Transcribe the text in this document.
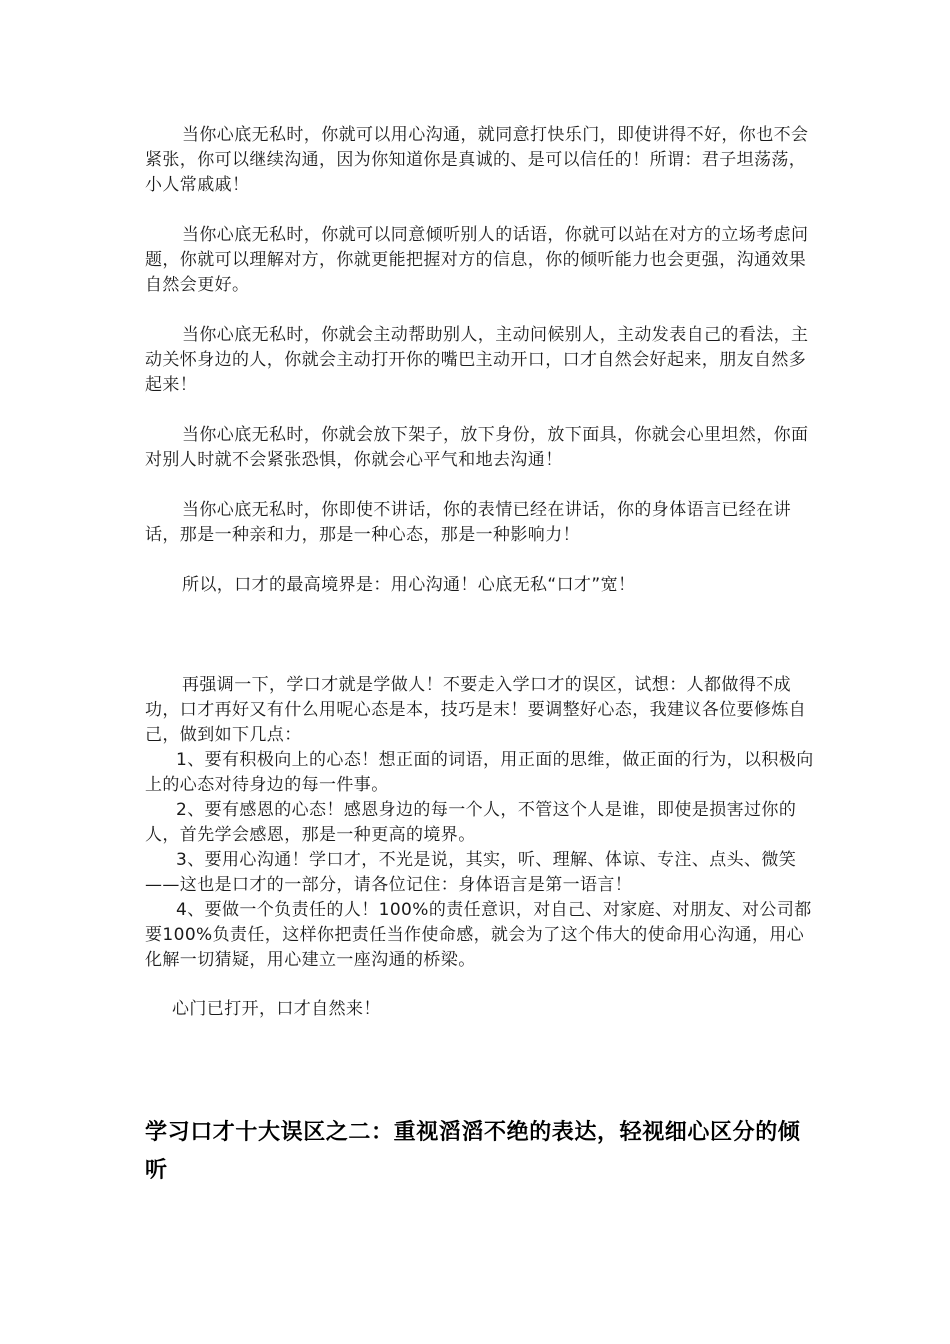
当你心底无私时，你就可以用心沟通，就同意打快乐门，即使讲得不好，你也不会紧张，你可以继续沟通，因为你知道你是真诚的、是可以信任的！所谓：君子坦荡荡，小人常戚戚！

当你心底无私时，你就可以同意倾听别人的话语，你就可以站在对方的立场考虑问题，你就可以理解对方，你就更能把握对方的信息，你的倾听能力也会更强，沟通效果自然会更好。

当你心底无私时，你就会主动帮助别人，主动问候别人，主动发表自己的看法，主动关怀身边的人，你就会主动打开你的嘴巴主动开口，口才自然会好起来，朋友自然多起来！

当你心底无私时，你就会放下架子，放下身份，放下面具，你就会心里坦然，你面对别人时就不会紧张恐惧，你就会心平气和地去沟通！

当你心底无私时，你即使不讲话，你的表情已经在讲话，你的身体语言已经在讲话，那是一种亲和力，那是一种心态，那是一种影响力！

所以，口才的最高境界是：用心沟通！心底无私“口才”宽！

再强调一下，学口才就是学做人！不要走入学口才的误区，试想：人都做得不成功，口才再好又有什么用呢心态是本，技巧是末！要调整好心态，我建议各位要修炼自己，做到如下几点：

1、要有积极向上的心态！想正面的词语，用正面的思维，做正面的行为，以积极向上的心态对待身边的每一件事。

2、要有感恩的心态！感恩身边的每一个人，不管这个人是谁，即使是损害过你的人，首先学会感恩，那是一种更高的境界。

3、要用心沟通！学口才，不光是说，其实，听、理解、体谅、专注、点头、微笑——这也是口才的一部分，请各位记住：身体语言是第一语言！

4、要做一个负责任的人！100%的责任意识，对自己、对家庭、对朋友、对公司都要100%负责任，这样你把责任当作使命感，就会为了这个伟大的使命用心沟通，用心化解一切猜疑，用心建立一座沟通的桥梁。

心门已打开，口才自然来！

学习口才十大误区之二：重视滔滔不绝的表达，轻视细心区分的倾听
